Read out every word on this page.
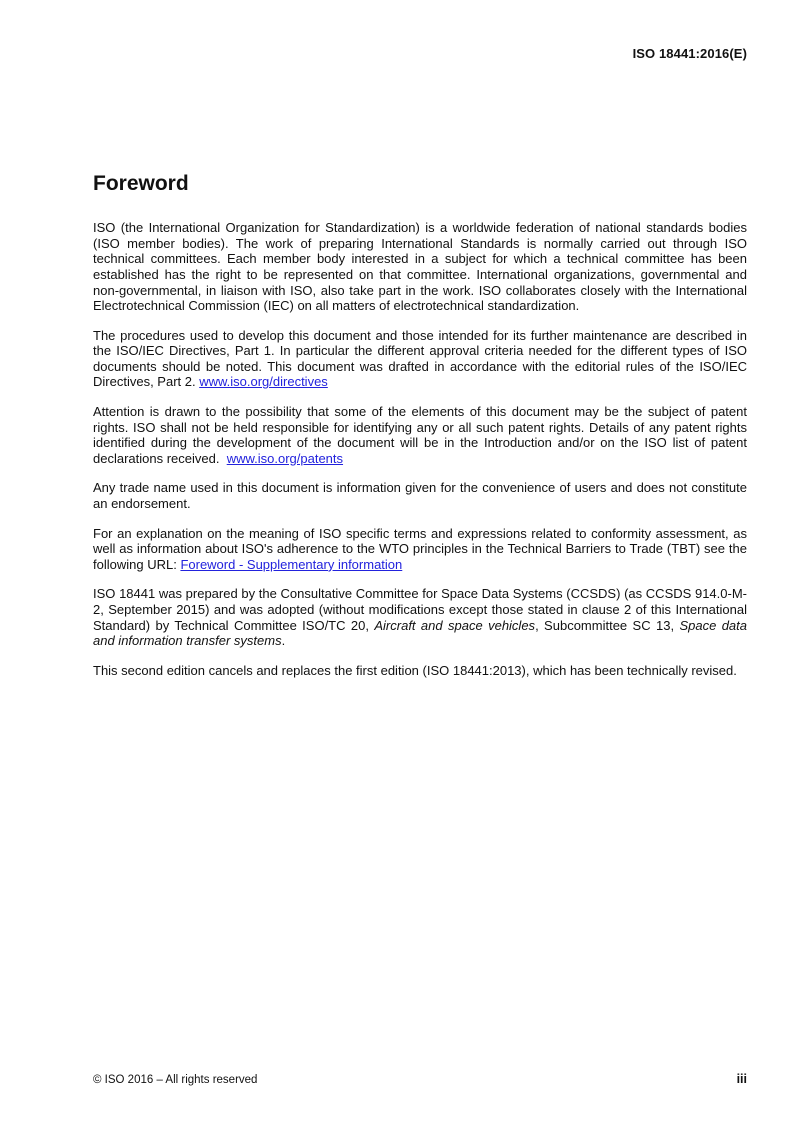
ISO 18441:2016(E)
Foreword

ISO (the International Organization for Standardization) is a worldwide federation of national standards bodies (ISO member bodies). The work of preparing International Standards is normally carried out through ISO technical committees. Each member body interested in a subject for which a technical committee has been established has the right to be represented on that committee. International organizations, governmental and non-governmental, in liaison with ISO, also take part in the work. ISO collaborates closely with the International Electrotechnical Commission (IEC) on all matters of electrotechnical standardization.

The procedures used to develop this document and those intended for its further maintenance are described in the ISO/IEC Directives, Part 1. In particular the different approval criteria needed for the different types of ISO documents should be noted. This document was drafted in accordance with the editorial rules of the ISO/IEC Directives, Part 2. www.iso.org/directives

Attention is drawn to the possibility that some of the elements of this document may be the subject of patent rights. ISO shall not be held responsible for identifying any or all such patent rights. Details of any patent rights identified during the development of the document will be in the Introduction and/or on the ISO list of patent declarations received.  www.iso.org/patents

Any trade name used in this document is information given for the convenience of users and does not constitute an endorsement.

For an explanation on the meaning of ISO specific terms and expressions related to conformity assessment, as well as information about ISO's adherence to the WTO principles in the Technical Barriers to Trade (TBT) see the following URL: Foreword - Supplementary information

ISO 18441 was prepared by the Consultative Committee for Space Data Systems (CCSDS) (as CCSDS 914.0-M-2, September 2015) and was adopted (without modifications except those stated in clause 2 of this International Standard) by Technical Committee ISO/TC 20, Aircraft and space vehicles, Subcommittee SC 13, Space data and information transfer systems.

This second edition cancels and replaces the first edition (ISO 18441:2013), which has been technically revised.

© ISO 2016 – All rights reserved	iii
